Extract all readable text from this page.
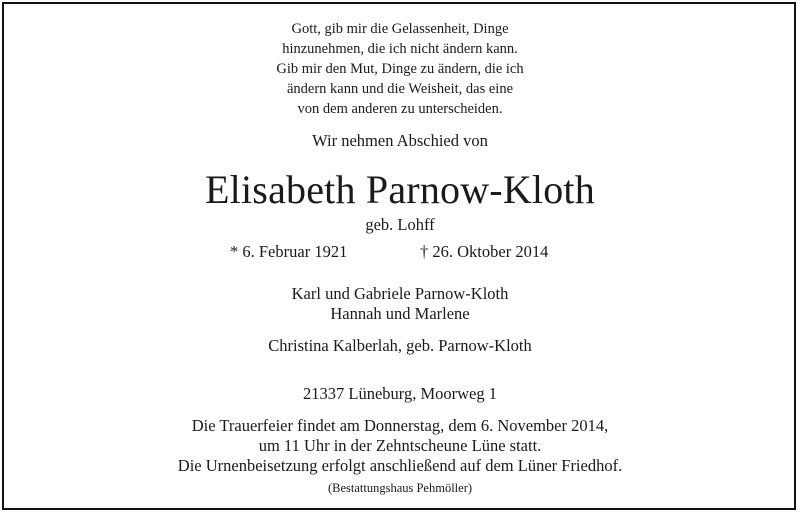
Gott, gib mir die Gelassenheit, Dinge
hinzunehmen, die ich nicht ändern kann.
Gib mir den Mut, Dinge zu ändern, die ich
ändern kann und die Weisheit, das eine
von dem anderen zu unterscheiden.
Wir nehmen Abschied von
Elisabeth Parnow-Kloth
geb. Lohff
* 6. Februar 1921	† 26. Oktober 2014
Karl und Gabriele Parnow-Kloth
Hannah und Marlene
Christina Kalberlah, geb. Parnow-Kloth
21337 Lüneburg, Moorweg 1
Die Trauerfeier findet am Donnerstag, dem 6. November 2014,
um 11 Uhr in der Zehntscheune Lüne statt.
Die Urnenbeisetzung erfolgt anschließend auf dem Lüner Friedhof.
(Bestattungshaus Pehmöller)
